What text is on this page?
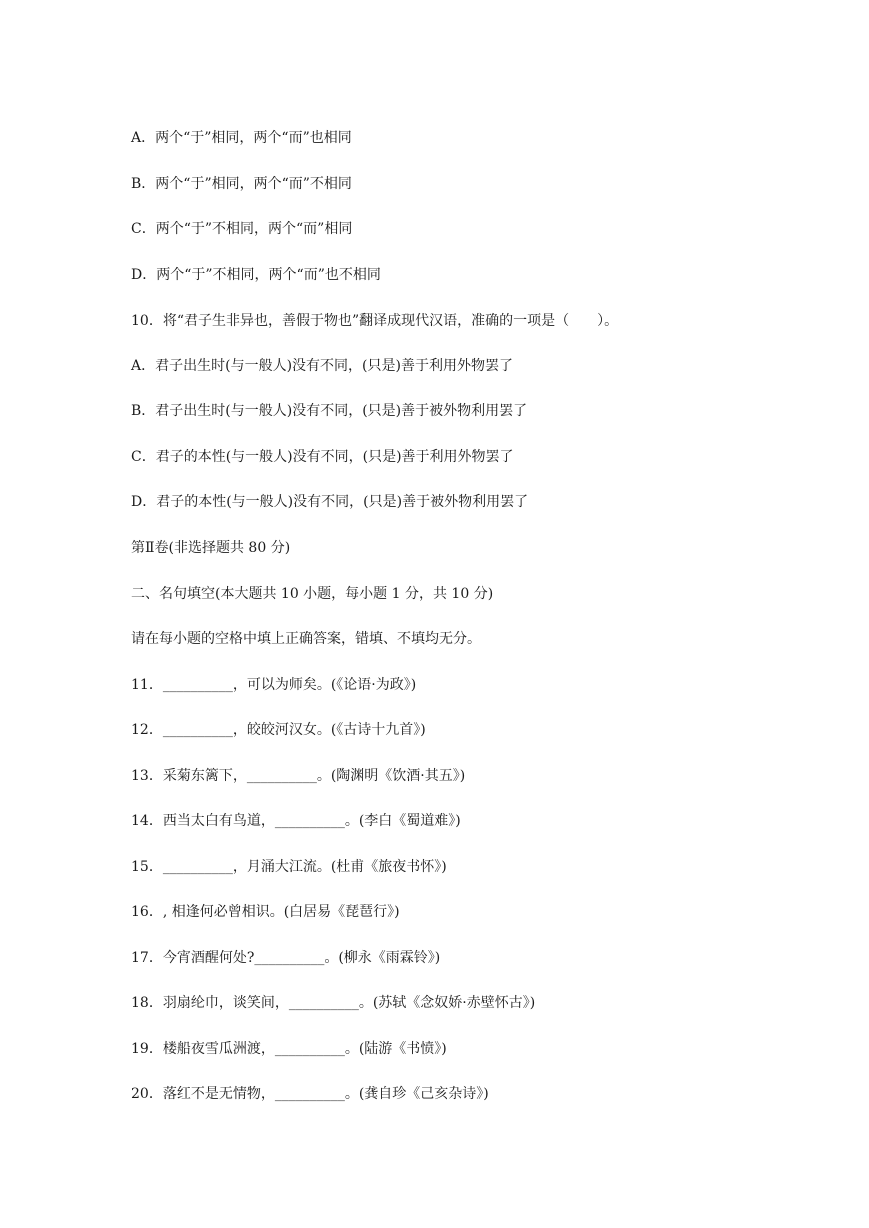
A．两个“于”相同，两个“而”也相同
B．两个“于”相同，两个“而”不相同
C．两个“于”不相同，两个“而”相同
D．两个“于”不相同，两个“而”也不相同
10．将“君子生非异也，善假于物也”翻译成现代汉语，准确的一项是（　　）。
A．君子出生时(与一般人)没有不同，(只是)善于利用外物罢了
B．君子出生时(与一般人)没有不同，(只是)善于被外物利用罢了
C．君子的本性(与一般人)没有不同，(只是)善于利用外物罢了
D．君子的本性(与一般人)没有不同，(只是)善于被外物利用罢了
第Ⅱ卷(非选择题共 80 分)
二、名句填空(本大题共 10 小题，每小题 1 分，共 10 分)
请在每小题的空格中填上正确答案，错填、不填均无分。
11．__________，可以为师矣。(《论语·为政》)
12．__________，皎皎河汉女。(《古诗十九首》)
13．采菊东篱下，__________。(陶渊明《饮酒·其五》)
14．西当太白有鸟道，__________。(李白《蜀道难》)
15．__________，月涌大江流。(杜甫《旅夜书怀》)
16．, 相逢何必曾相识。(白居易《琵琶行》)
17．今宵酒醒何处?__________。(柳永《雨霖铃》)
18．羽扇纶巾，谈笑间，__________。(苏轼《念奴娇·赤壁怀古》)
19．楼船夜雪瓜洲渡，__________。(陆游《书愤》)
20．落红不是无情物，__________。(龚自珍《己亥杂诗》)
